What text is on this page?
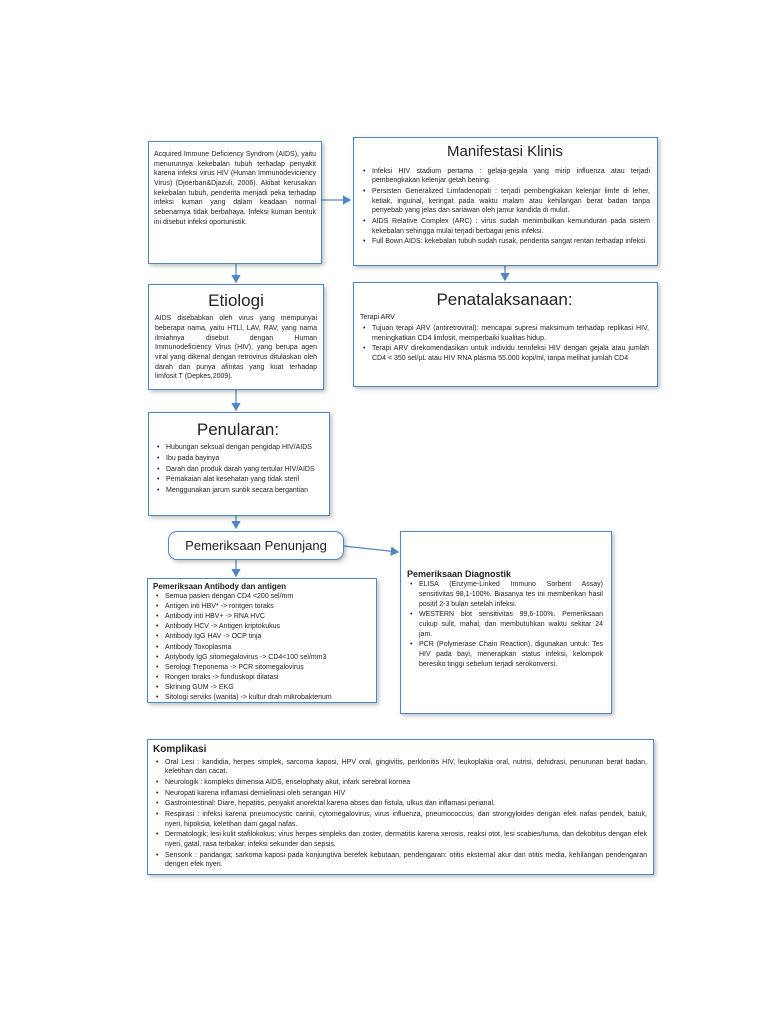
Acquired Immune Deficiency Syndrom (AIDS), yaitu menurunnya kekebalan tubuh terhadap penyakit karena infeksi virus HIV (Human Immunodeviciency Virus) (Djoerban&Djazuli, 2006). Akibat kerusakan kekebalan tubuh, penderita menjadi peka terhadap infeksi kuman yang dalam keadaan normal sebenarnya tidak berbahaya. Infeksi kuman bentuk ini disebut infeksi oportunistik.
Manifestasi Klinis
• Infeksi HIV stadium pertama : gelaja-gejala yang mirip influenza atau terjadi pembengkakan kelenjar getah bening.
• Persisten Generalized Limfadenopati : terjadi pembengkakan kelenjar limfe di leher, ketiak, inguinal, keringat pada waktu malam atau kehilangan berat badan tanpa penyebab yang jelas dan sariawan oleh jamur kandida di mulut.
• AIDS Relative Complex (ARC) : virus sudah menimbulkan kemunduran pada sistem kekebalan sehingga mulai terjadi berbagai jenis infeksi.
• Full Bown AIDS: kekebalan tubuh sudah rusak, penderita sangat rentan terhadap infeksi.
Etiologi
AIDS disebabkan oleh virus yang mempunyai beberapa nama, yaitu HTLl, LAV, RAV, yang nama ilmiahnya disebut dengan Human Immunodeficiency Virus (HIV), yang berupa agen viral yang dikenal dengan retrovirus ditulaskan oleh darah dan punya afinitas yang kuat terhadap limfosit T (Depkes,2009).
Penatalaksanaan:
Terapi ARV
• Tujuan terapi ARV (antiretroviral): mencapai supresi maksimum terhadap replikasi HIV, meningkatkan CD4 limfosit, memperbaiki kualitas hidup.
• Terapi ARV direkomendasikan untuk individu terinfeksi HIV dengan gejala atau jumlah CD4 < 350 sel/µL atau HIV RNA plasma 55.000 kopi/ml, tanpa melihat jumlah CD4
Penularan:
• Hubungan seksual dengan pengidap HIV/AIDS
• Ibu pada bayinya
• Darah dan produk darah yang tertular HIV/AIDS
• Pemakaian alat kesehatan yang tidak steril
• Menggunakan jarum suntik secara bergantian
Pemeriksaan Penunjang
Pemeriksaan Antibody dan antigen
• Semua pasien dengan CD4 <200 sel/mm
• Antigen inti HBV* -> rontgen toraks
• Antibody inti HBV+ -> RNA HVC
• Antibody HCV -> Antigen kriptokukus
• Antibody IgG HAV -> OCP tinja
• Antibody Toxoplasma
• Antybody IgG sitomegalovirus -> CD4<100 sel/mm3
• Serologi Treponema -> PCR sitomegalovirus
• Rongen toraks -> funduskopi dilatasi
• Skrining GUM -> EKG
• Sitologi serviks (wanita) -> kultur drah mikrobakterium
Pemeriksaan Diagnostik
• ELISA (Enzyme-Linked Immuno Sorbent Assay) sensitivitas 98,1-100%. Biasanya tes ini memberikan hasil positif 2-3 bulan setelah infeksi.
• WESTERN blot sensitivitas 99,6-100%. Pemeriksaan cukup sulit, mahal, dan membutuhkan waktu sekitar 24 jam.
• PCR (Polymerase Chain Reaction), digunakan untuk: Tes HIV pada bayi, menerapkan status infeksi, kelompok beresiko tinggi sebelum terjadi serokonversi.
Komplikasi
• Oral Lesi : kandidia, herpes simplek, sarcoma kaposi, HPV oral, gingivitis, perklonitis HIV, leukoplakia oral, nutrisi, dehidrasi, penurunan berat badan, keletihan dan cacat.
• Neurologik : kompleks dimensia AIDS, enselophaty akut, infark serebral kornea
• Neuropati karena inflamasi demielinasi oleh serangan HIV
• Gastrointestinal: Diare, hepatitis, penyakit anorektal karena abses dan fistula, ulkus dan inflamasi perianal.
• Respirasi : infeksi karena pneumocystic carinii, cytomegalovirus, virus influenza, pneumococcus, dan strongyloides dengan efek nafas pendek, batuk, nyeri, hipoksia, keletihan dam gagal nafas.
• Dermatologik; lesi kulit stafilokokus; virus herpes simpleks dan zoster, dermatitis karena xerosis, reaksi otot, lesi scabies/tuma, dan dekobitus dengan efek nyeri, gatal, rasa terbakar, infeksi sekunder dan sepsis.
• Sensorik : pandanga; sarkoma kaposi pada konjungtiva berefek kebutaan, pendengaran: otitis eksternal akur dan otitis media, kehilangan pendengaran dengen efek nyeri.
